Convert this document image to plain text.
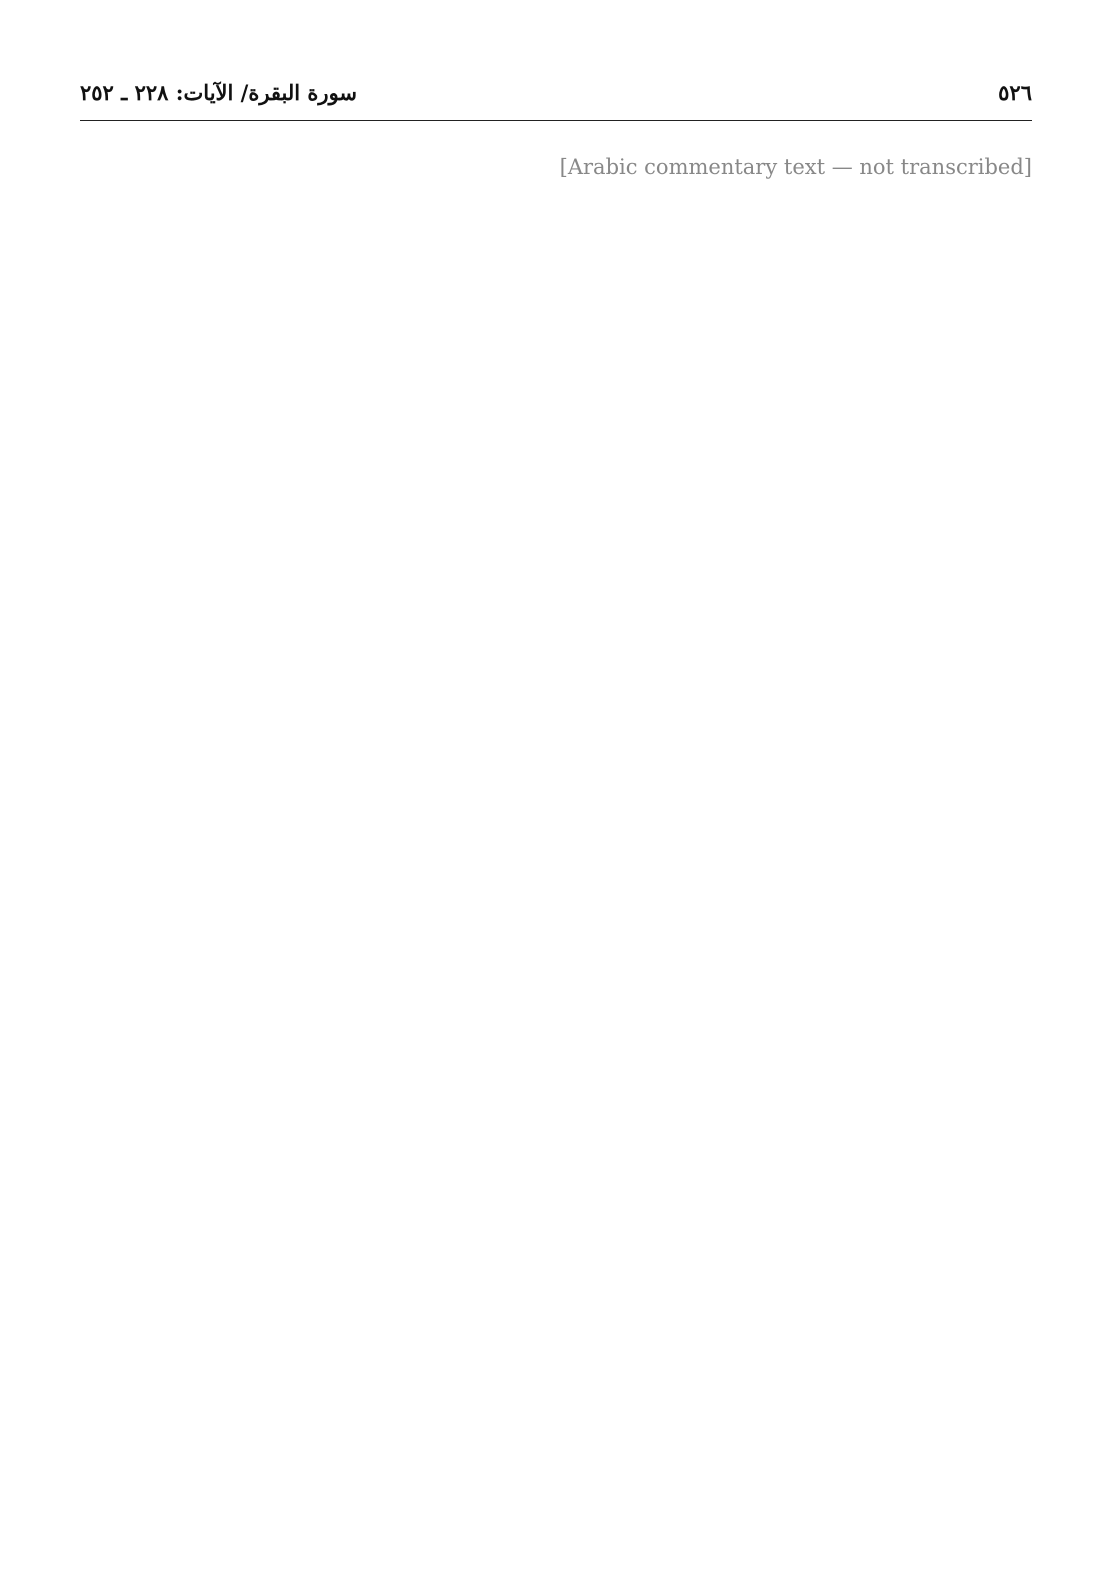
٥٢٦
سورة البقرة/ الآيات: ٢٢٨ ـ ٢٥٢

[Arabic commentary text — not transcribed]
